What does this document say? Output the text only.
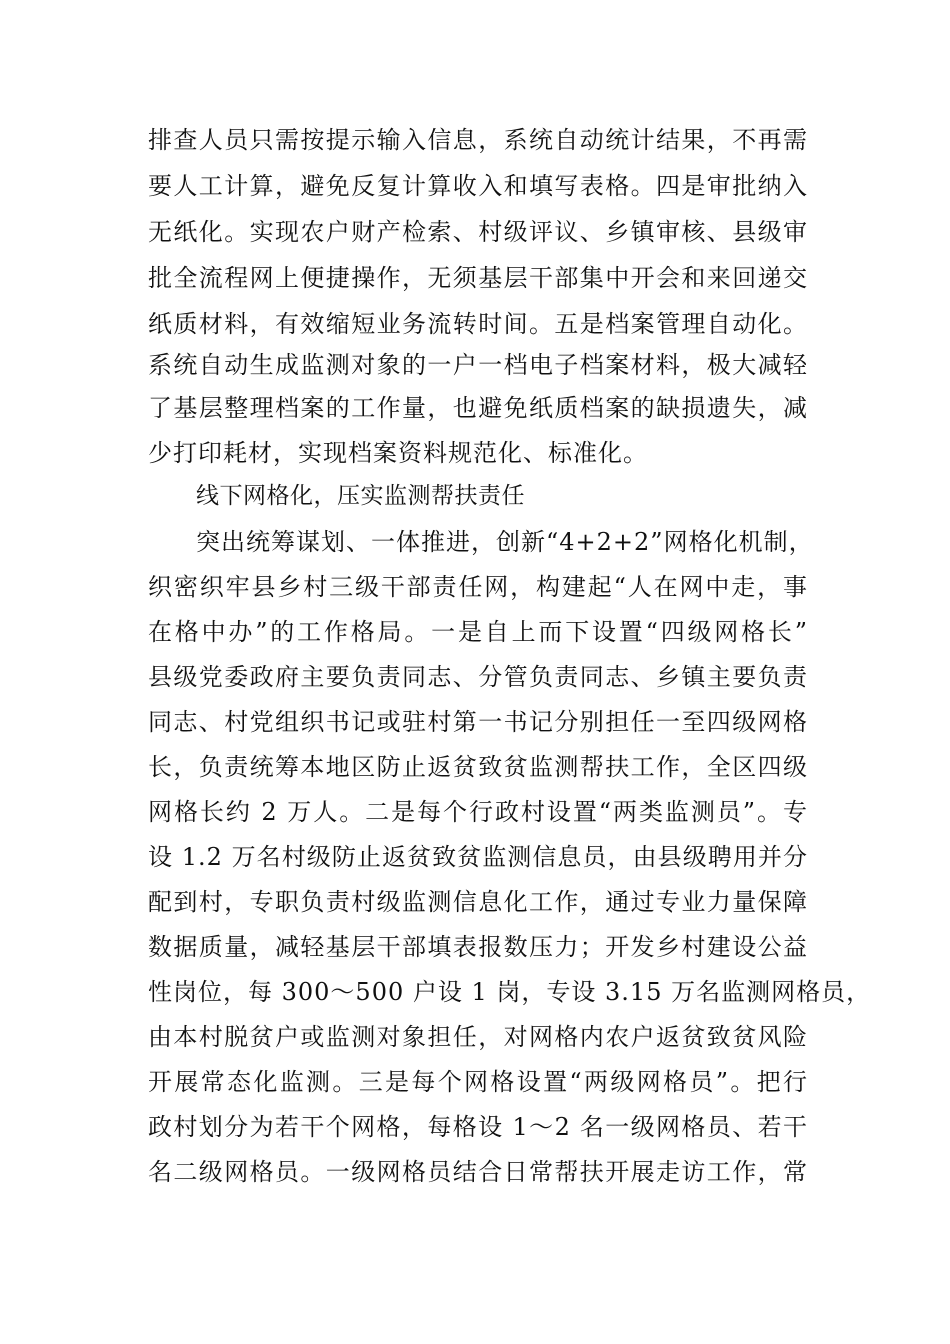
排查人员只需按提示输入信息，系统自动统计结果，不再需
要人工计算，避免反复计算收入和填写表格。四是审批纳入
无纸化。实现农户财产检索、村级评议、乡镇审核、县级审
批全流程网上便捷操作，无须基层干部集中开会和来回递交
纸质材料，有效缩短业务流转时间。五是档案管理自动化。
系统自动生成监测对象的一户一档电子档案材料，极大减轻
了基层整理档案的工作量，也避免纸质档案的缺损遗失，减
少打印耗材，实现档案资料规范化、标准化。
线下网格化，压实监测帮扶责任
突出统筹谋划、一体推进，创新“4+2+2”网格化机制，
织密织牢县乡村三级干部责任网，构建起“人在网中走，事
在格中办”的工作格局。一是自上而下设置“四级网格长”
县级党委政府主要负责同志、分管负责同志、乡镇主要负责
同志、村党组织书记或驻村第一书记分别担任一至四级网格
长，负责统筹本地区防止返贫致贫监测帮扶工作，全区四级
网格长约 2 万人。二是每个行政村设置“两类监测员”。专
设 1.2 万名村级防止返贫致贫监测信息员，由县级聘用并分
配到村，专职负责村级监测信息化工作，通过专业力量保障
数据质量，减轻基层干部填表报数压力；开发乡村建设公益
性岗位，每 300～500 户设 1 岗，专设 3.15 万名监测网格员，
由本村脱贫户或监测对象担任，对网格内农户返贫致贫风险
开展常态化监测。三是每个网格设置“两级网格员”。把行
政村划分为若干个网格，每格设 1～2 名一级网格员、若干
名二级网格员。一级网格员结合日常帮扶开展走访工作，常
